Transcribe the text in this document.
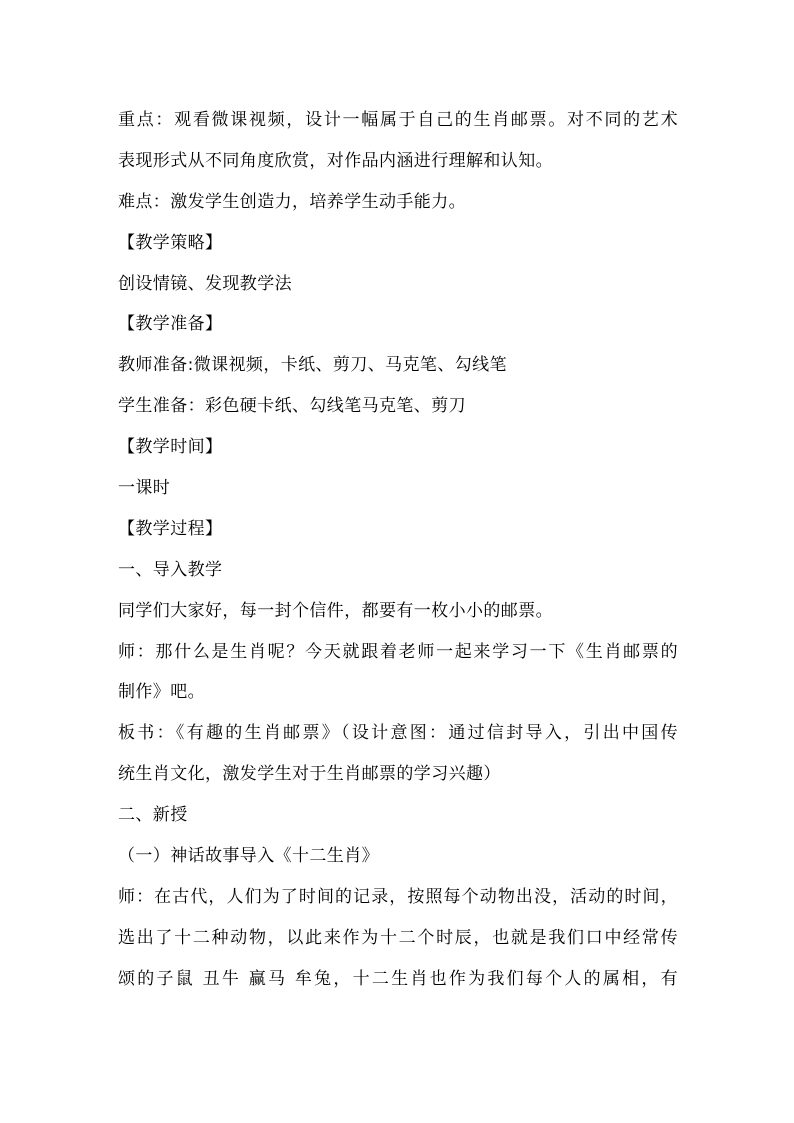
重点：观看微课视频，设计一幅属于自己的生肖邮票。对不同的艺术
表现形式从不同角度欣赏，对作品内涵进行理解和认知。
难点：激发学生创造力，培养学生动手能力。
【教学策略】
创设情镜、发现教学法
【教学准备】
教师准备:微课视频，卡纸、剪刀、马克笔、勾线笔
学生准备：彩色硬卡纸、勾线笔马克笔、剪刀
【教学时间】
一课时
【教学过程】
一、导入教学
同学们大家好，每一封个信件，都要有一枚小小的邮票。
师：那什么是生肖呢？今天就跟着老师一起来学习一下《生肖邮票的
制作》吧。
板书：《有趣的生肖邮票》（设计意图：通过信封导入，引出中国传
统生肖文化，激发学生对于生肖邮票的学习兴趣）
二、新授
（一）神话故事导入《十二生肖》
师：在古代，人们为了时间的记录，按照每个动物出没，活动的时间，
选出了十二种动物，以此来作为十二个时辰，也就是我们口中经常传
颂的子鼠 丑牛 赢马 牟兔，十二生肖也作为我们每个人的属相，有
